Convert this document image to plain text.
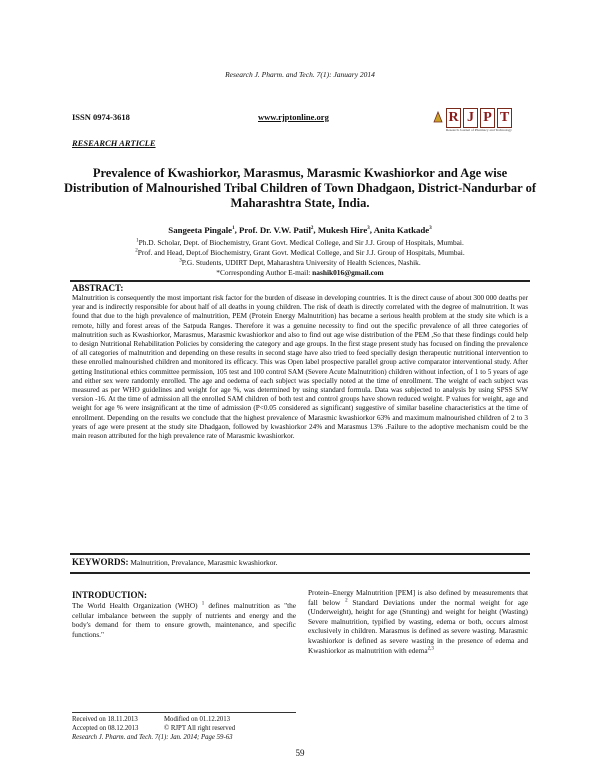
Research J. Pharm. and Tech. 7(1): January 2014
ISSN 0974-3618	www.rjptonline.org	R J P T
Research Journal of Pharmacy and Technology
RESEARCH ARTICLE
Prevalence of Kwashiorkor, Marasmus, Marasmic Kwashiorkor and Age wise Distribution of Malnourished Tribal Children of Town Dhadgaon, District-Nandurbar of Maharashtra State, India.
Sangeeta Pingale$^1$, Prof. Dr. V.W. Patil$^2$, Mukesh Hire$^3$, Anita Katkade$^3$
$^1$Ph.D. Scholar, Dept. of Biochemistry, Grant Govt. Medical College, and Sir J.J. Group of Hospitals, Mumbai.
$^2$Prof. and Head, Dept.of Biochemistry, Grant Govt. Medical College, and Sir J.J. Group of Hospitals, Mumbai.
$^3$P.G. Students, UDIRT Dept, Maharashtra University of Health Sciences, Nashik.
*Corresponding Author E-mail: nashik016@gmail.com
ABSTRACT:
Malnutrition is consequently the most important risk factor for the burden of disease in developing countries. It is the direct cause of about 300 000 deaths per year and is indirectly responsible for about half of all deaths in young children. The risk of death is directly correlated with the degree of malnutrition. It was found that due to the high prevalence of malnutrition, PEM (Protein Energy Malnutrition) has became a serious health problem at the study site which is a remote, hilly and forest areas of the Satpuda Ranges. Therefore it was a genuine necessity to find out the specific prevalence of all three categories of malnutrition such as Kwashiorkor, Marasmus, Marasmic kwashiorkor and also to find out age wise distribution of the PEM ,So that these findings could help to design Nutritional Rehabilitation Policies by considering the category and age groups. In the first stage present study has focused on finding the prevalence of all categories of malnutrition and depending on these results in second stage have also tried to feed specially design therapeutic nutritional intervention to these enrolled malnourished children and monitored its efficacy. This was Open label prospective parallel group active comparator interventional study. After getting Institutional ethics committee permission, 105 test and 100 control SAM (Severe Acute Malnutrition) children without infection, of 1 to 5 years of age and either sex were randomly enrolled. The age and oedema of each subject was specially noted at the time of enrollment. The weight of each subject was measured as per WHO guidelines and weight for age %, was determined by using standard formula. Data was subjected to analysis by using SPSS S/W version -16. At the time of admission all the enrolled SAM children of both test and control groups have shown reduced weight. P values for weight, age and weight for age % were insignificant at the time of admission (P<0.05 considered as significant) suggestive of similar baseline characteristics at the time of enrollment. Depending on the results we conclude that the highest prevalence of Marasmic kwashiorkor 63% and maximum malnourished children of 2 to 3 years of age were present at the study site Dhadgaon, followed by kwashiorkor 24% and Marasmus 13% .Failure to the adoptive mechanism could be the main reason attributed for the high prevalence rate of Marasmic kwashiorkor.
KEYWORDS: Malnutrition, Prevalance, Marasmic kwashiorkor.
INTRODUCTION:
The World Health Organization (WHO) $^1$ defines malnutrition as "the cellular imbalance between the supply of nutrients and energy and the body's demand for them to ensure growth, maintenance, and specific functions."
Protein–Energy Malnutrition [PEM] is also defined by measurements that fall below $^2$ Standard Deviations under the normal weight for age (Underweight), height for age (Stunting) and weight for height (Wasting) Severe malnutrition, typified by wasting, edema or both, occurs almost exclusively in children. Marasmus is defined as severe wasting. Marasmic kwashiorkor is defined as severe wasting in the presence of edema and Kwashiorkor as malnutrition with edema$^{2,3}$
Received on 18.11.2013	Modified on 01.12.2013
Accepted on 08.12.2013	© RJPT All right reserved
Research J. Pharm. and Tech. 7(1): Jan. 2014; Page 59-63
59
